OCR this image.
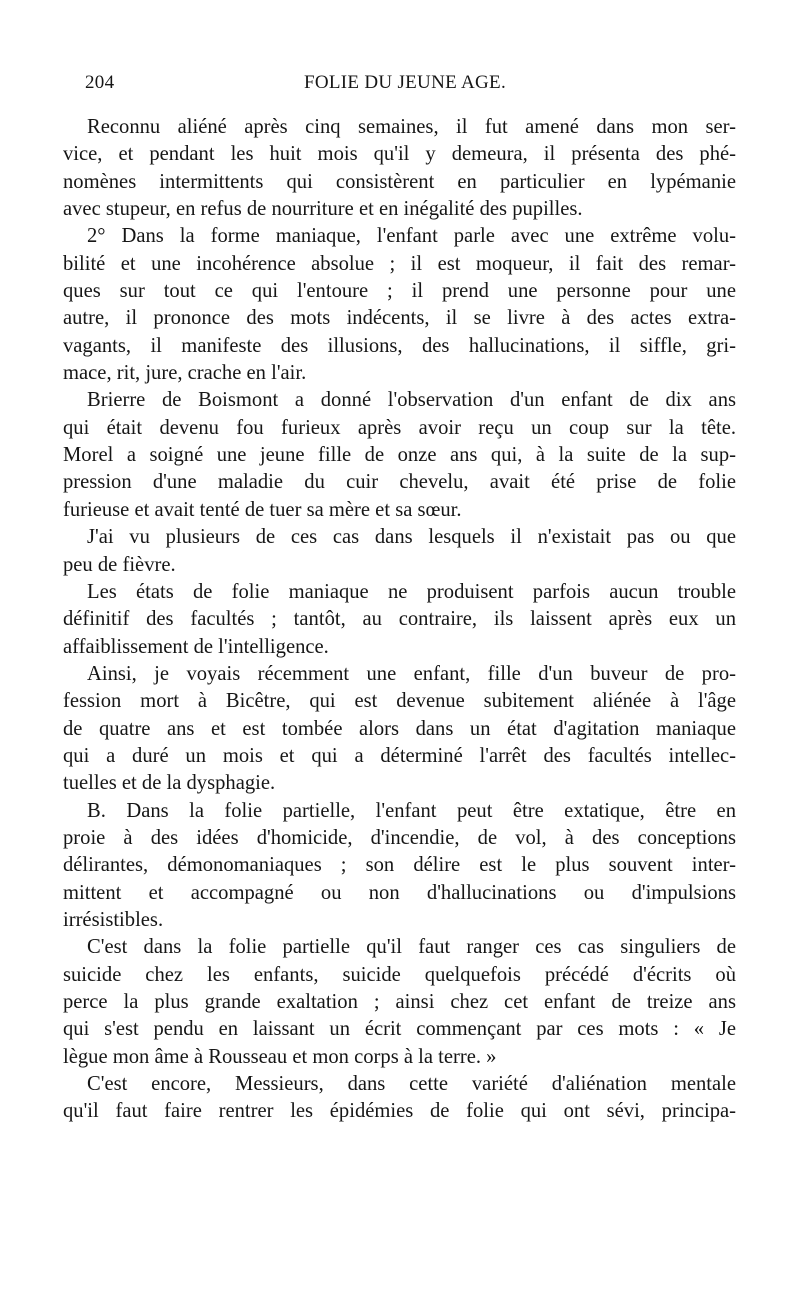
204	FOLIE DU JEUNE AGE.
Reconnu aliéné après cinq semaines, il fut amené dans mon ser-
vice, et pendant les huit mois qu'il y demeura, il présenta des phé-
nomènes intermittents qui consistèrent en particulier en lypémanie
avec stupeur, en refus de nourriture et en inégalité des pupilles.
2° Dans la forme maniaque, l'enfant parle avec une extrême volu-
bilité et une incohérence absolue ; il est moqueur, il fait des remar-
ques sur tout ce qui l'entoure ; il prend une personne pour une
autre, il prononce des mots indécents, il se livre à des actes extra-
vagants, il manifeste des illusions, des hallucinations, il siffle, gri-
mace, rit, jure, crache en l'air.
Brierre de Boismont a donné l'observation d'un enfant de dix ans
qui était devenu fou furieux après avoir reçu un coup sur la tête.
Morel a soigné une jeune fille de onze ans qui, à la suite de la sup-
pression d'une maladie du cuir chevelu, avait été prise de folie
furieuse et avait tenté de tuer sa mère et sa sœur.
J'ai vu plusieurs de ces cas dans lesquels il n'existait pas ou que
peu de fièvre.
Les états de folie maniaque ne produisent parfois aucun trouble
définitif des facultés ; tantôt, au contraire, ils laissent après eux un
affaiblissement de l'intelligence.
Ainsi, je voyais récemment une enfant, fille d'un buveur de pro-
fession mort à Bicêtre, qui est devenue subitement aliénée à l'âge
de quatre ans et est tombée alors dans un état d'agitation maniaque
qui a duré un mois et qui a déterminé l'arrêt des facultés intellec-
tuelles et de la dysphagie.
B. Dans la folie partielle, l'enfant peut être extatique, être en
proie à des idées d'homicide, d'incendie, de vol, à des conceptions
délirantes, démonomaniaques ; son délire est le plus souvent inter-
mittent et accompagné ou non d'hallucinations ou d'impulsions
irrésistibles.
C'est dans la folie partielle qu'il faut ranger ces cas singuliers de
suicide chez les enfants, suicide quelquefois précédé d'écrits où
perce la plus grande exaltation ; ainsi chez cet enfant de treize ans
qui s'est pendu en laissant un écrit commençant par ces mots : « Je
lègue mon âme à Rousseau et mon corps à la terre. »
C'est encore, Messieurs, dans cette variété d'aliénation mentale
qu'il faut faire rentrer les épidémies de folie qui ont sévi, principa-
